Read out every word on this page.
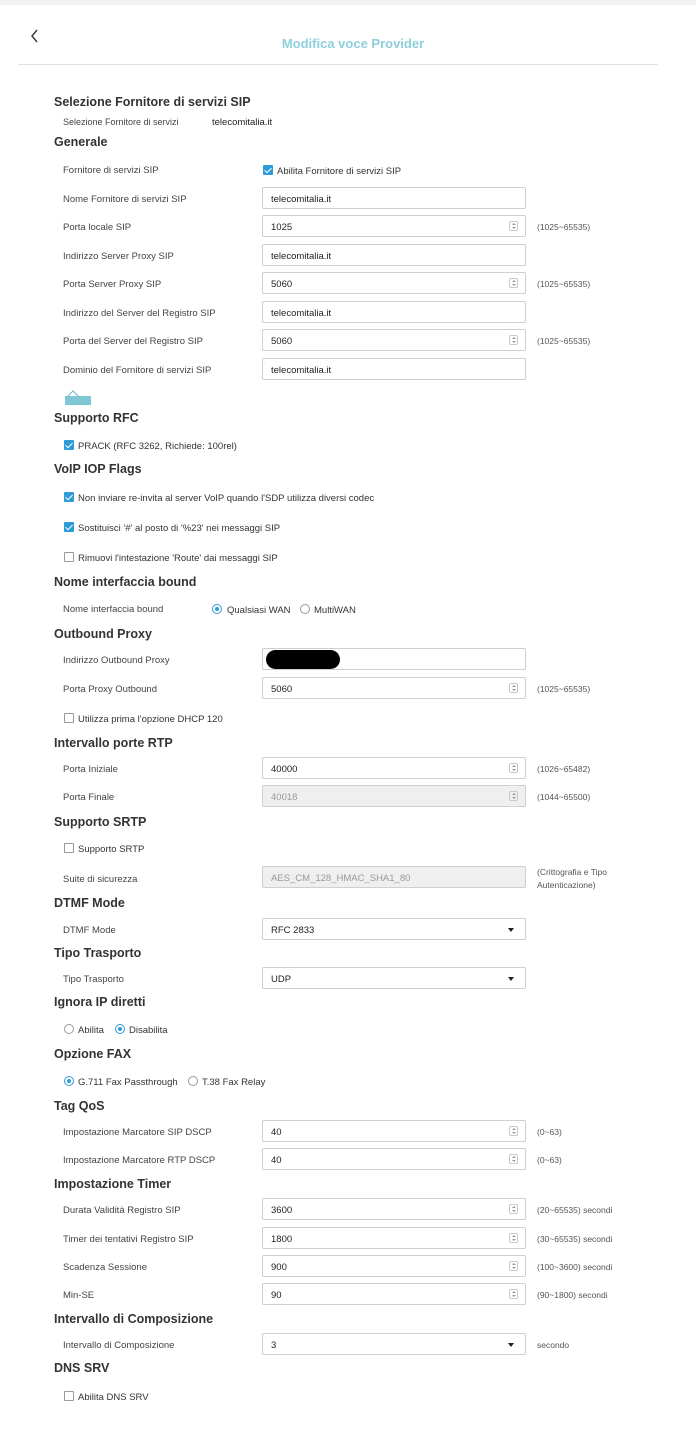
Modifica voce Provider
Selezione Fornitore di servizi SIP
Selezione Fornitore di servizi	telecomitalia.it
Generale
Fornitore di servizi SIP	Abilita Fornitore di servizi SIP
Nome Fornitore di servizi SIP	telecomitalia.it
Porta locale SIP	1025	(1025~65535)
Indirizzo Server Proxy SIP	telecomitalia.it
Porta Server Proxy SIP	5060	(1025~65535)
Indirizzo del Server del Registro SIP	telecomitalia.it
Porta del Server del Registro SIP	5060	(1025~65535)
Dominio del Fornitore di servizi SIP	telecomitalia.it
Supporto RFC
PRACK (RFC 3262, Richiede: 100rel)
VoIP IOP Flags
Non inviare re-invita al server VoIP quando l'SDP utilizza diversi codec
Sostituisci '#' al posto di '%23' nei messaggi SIP
Rimuovi l'intestazione 'Route' dai messaggi SIP
Nome interfaccia bound
Nome interfaccia bound	Qualsiasi WAN MultiWAN
Outbound Proxy
Indirizzo Outbound Proxy
Porta Proxy Outbound	5060	(1025~65535)
Utilizza prima l'opzione DHCP 120
Intervallo porte RTP
Porta Iniziale	40000	(1026~65482)
Porta Finale	40018	(1044~65500)
Supporto SRTP
Supporto SRTP
Suite di sicurezza	AES_CM_128_HMAC_SHA1_80
(Crittografia e Tipo
Autenticazione)
DTMF Mode
DTMF Mode	RFC 2833
Tipo Trasporto
Tipo Trasporto	UDP
Ignora IP diretti
Abilita	Disabilita
Opzione FAX
G.711 Fax Passthrough	T.38 Fax Relay
Tag QoS
Impostazione Marcatore SIP DSCP	40	(0~63)
Impostazione Marcatore RTP DSCP	40	(0~63)
Impostazione Timer
Durata Validità Registro SIP	3600	(20~65535) secondi
Timer dei tentativi Registro SIP	1800	(30~65535) secondi
Scadenza Sessione	900	(100~3600) secondi
Min-SE	90	(90~1800) secondi
Intervallo di Composizione
Intervallo di Composizione	3	secondo
DNS SRV
Abilita DNS SRV
